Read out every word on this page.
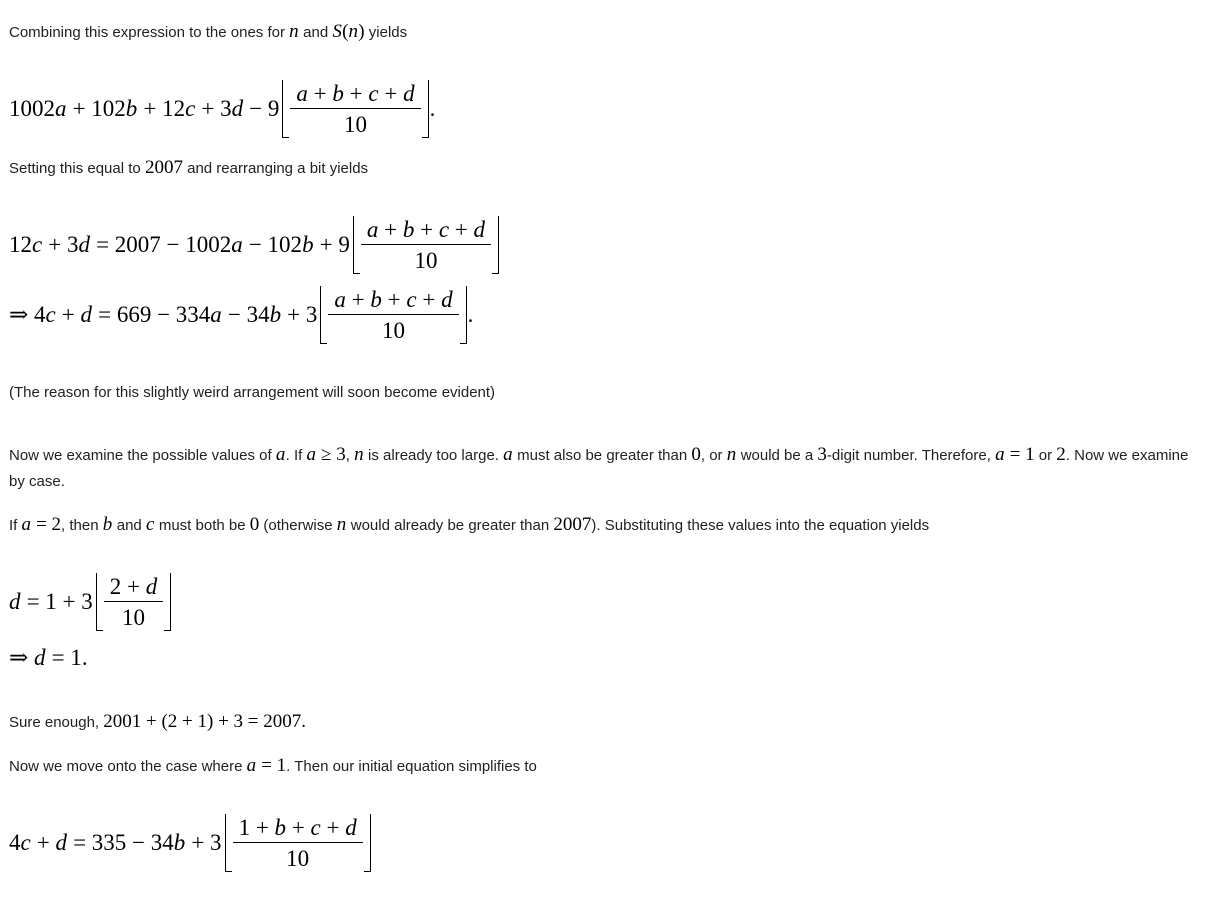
Combining this expression to the ones for n and S(n) yields

$1002a + 102b + 12c + 3d - 9 \frac{a + b + c + d}{10}$ .

Setting this equal to 2007 and rearranging a bit yields

$12c + 3d = 2007 - 1002a - 102b + 9 \frac{a + b + c + d}{10}$
⇒ $4c + d = 669 - 334a - 34b + 3 \frac{a + b + c + d}{10}$ .

(The reason for this slightly weird arrangement will soon become evident)

Now we examine the possible values of a. If a ≥ 3, n is already too large. a must also be greater than 0, or n would be a 3-digit number. Therefore, a = 1 or 2. Now we examine by case.

If a = 2, then b and c must both be 0 (otherwise n would already be greater than 2007). Substituting these values into the equation yields

$d = 1 + 3 \frac{2 + d}{10}$
⇒ d = 1.

Sure enough, 2001 + (2 + 1) + 3 = 2007.

Now we move onto the case where a = 1. Then our initial equation simplifies to

$4c + d = 335 - 34b + 3 \frac{1 + b + c + d}{10}$
